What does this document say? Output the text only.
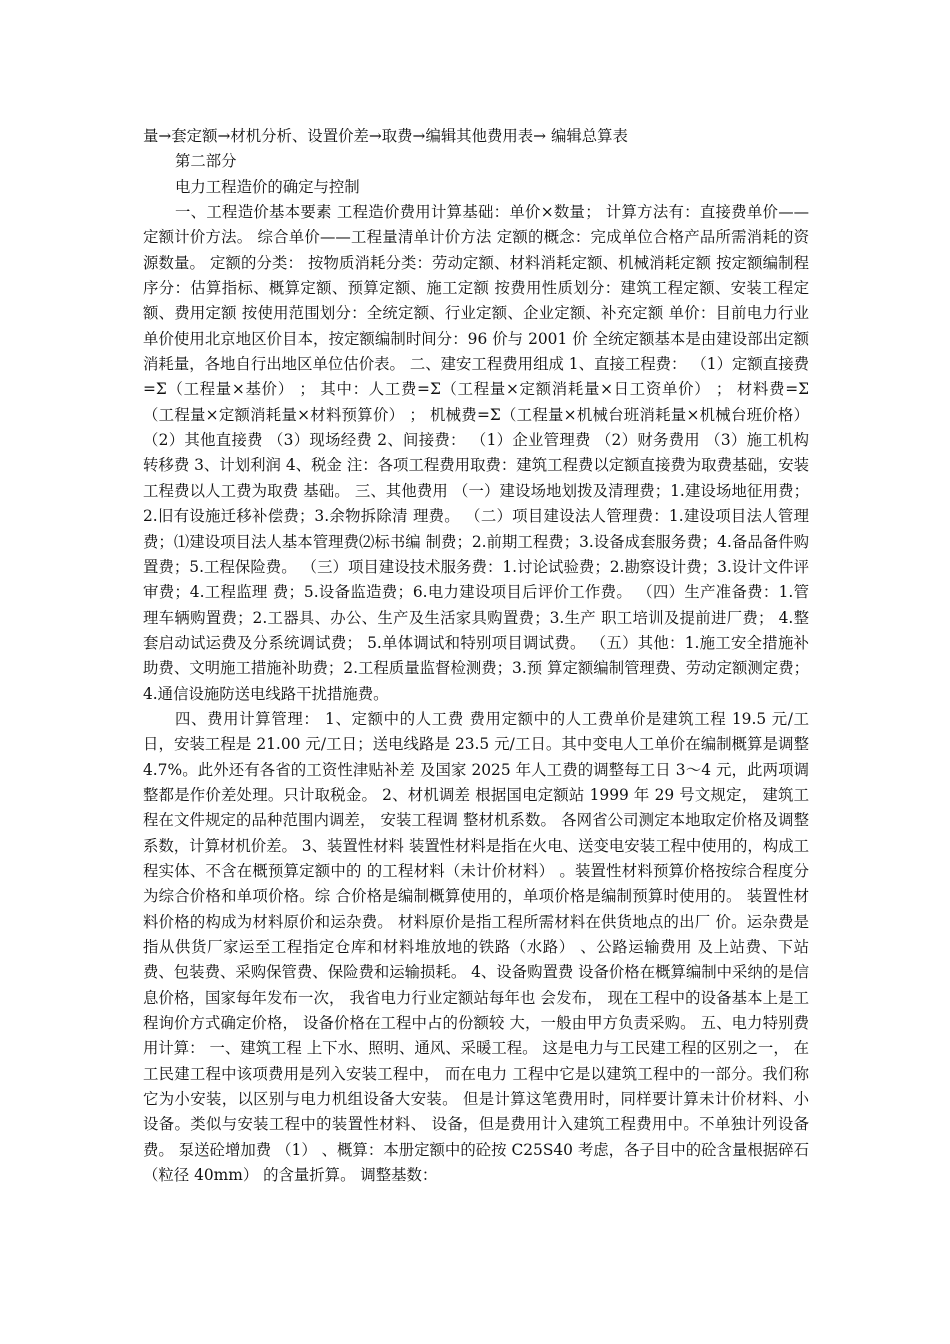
量→套定额→材机分析、设置价差→取费→编辑其他费用表→ 编辑总算表

第二部分

电力工程造价的确定与控制

一、工程造价基本要素 工程造价费用计算基础：单价×数量； 计算方法有：直接费单价——定额计价方法。 综合单价——工程量清单计价方法 定额的概念：完成单位合格产品所需消耗的资源数量。 定额的分类： 按物质消耗分类：劳动定额、材料消耗定额、机械消耗定额 按定额编制程序分：估算指标、概算定额、预算定额、施工定额 按费用性质划分：建筑工程定额、安装工程定额、费用定额 按使用范围划分：全统定额、行业定额、企业定额、补充定额 单价：目前电力行业单价使用北京地区价目本，按定额编制时间分：96 价与 2001 价 全统定额基本是由建设部出定额消耗量，各地自行出地区单位估价表。 二、建安工程费用组成 1、直接工程费： （1）定额直接费=Σ（工程量×基价） ； 其中：人工费=Σ（工程量×定额消耗量×日工资单价） ； 材料费=Σ（工程量×定额消耗量×材料预算价） ； 机械费=Σ（工程量×机械台班消耗量×机械台班价格） （2）其他直接费 （3）现场经费 2、间接费： （1）企业管理费 （2）财务费用 （3）施工机构转移费 3、计划利润 4、税金 注：各项工程费用取费：建筑工程费以定额直接费为取费基础，安装工程费以人工费为取费 基础。 三、其他费用 （一）建设场地划拨及清理费；1.建设场地征用费；2.旧有设施迁移补偿费；3.余物拆除清 理费。 （二）项目建设法人管理费：1.建设项目法人管理费；⑴建设项目法人基本管理费⑵标书编 制费；2.前期工程费；3.设备成套服务费；4.备品备件购置费；5.工程保险费。 （三）项目建设技术服务费：1.讨论试验费；2.勘察设计费；3.设计文件评审费；4.工程监理 费；5.设备监造费；6.电力建设项目后评价工作费。 （四）生产准备费：1.管理车辆购置费；2.工器具、办公、生产及生活家具购置费；3.生产 职工培训及提前进厂费； 4.整套启动试运费及分系统调试费； 5.单体调试和特别项目调试费。 （五）其他：1.施工安全措施补助费、文明施工措施补助费；2.工程质量监督检测费；3.预 算定额编制管理费、劳动定额测定费；4.通信设施防送电线路干扰措施费。

四、费用计算管理： 1、定额中的人工费 费用定额中的人工费单价是建筑工程 19.5 元/工日，安装工程是 21.00 元/工日；送电线路是 23.5 元/工日。其中变电人工单价在编制概算是调整 4.7%。此外还有各省的工资性津贴补差 及国家 2025 年人工费的调整每工日 3～4 元，此两项调整都是作价差处理。只计取税金。 2、材机调差 根据国电定额站 1999 年 29 号文规定， 建筑工程在文件规定的品种范围内调差， 安装工程调 整材机系数。 各网省公司测定本地取定价格及调整系数，计算材机价差。 3、装置性材料 装置性材料是指在火电、送变电安装工程中使用的，构成工程实体、不含在概预算定额中的 的工程材料（未计价材料） 。装置性材料预算价格按综合程度分为综合价格和单项价格。综 合价格是编制概算使用的，单项价格是编制预算时使用的。 装置性材料价格的构成为材料原价和运杂费。 材料原价是指工程所需材料在供货地点的出厂 价。运杂费是指从供货厂家运至工程指定仓库和材料堆放地的铁路（水路） 、公路运输费用 及上站费、下站费、包装费、采购保管费、保险费和运输损耗。 4、设备购置费 设备价格在概算编制中采纳的是信息价格，国家每年发布一次， 我省电力行业定额站每年也 会发布， 现在工程中的设备基本上是工程询价方式确定价格， 设备价格在工程中占的份额较 大，一般由甲方负责采购。 五、电力特别费用计算： 一、建筑工程 上下水、照明、通风、采暖工程。 这是电力与工民建工程的区别之一， 在工民建工程中该项费用是列入安装工程中， 而在电力 工程中它是以建筑工程中的一部分。我们称它为小安装，以区别与电力机组设备大安装。 但是计算这笔费用时，同样要计算未计价材料、小设备。类似与安装工程中的装置性材料、 设备，但是费用计入建筑工程费用中。不单独计列设备费。 泵送砼增加费 （1） 、概算：本册定额中的砼按 C25S40 考虑，各子目中的砼含量根据碎石（粒径 40mm） 的含量折算。 调整基数：
